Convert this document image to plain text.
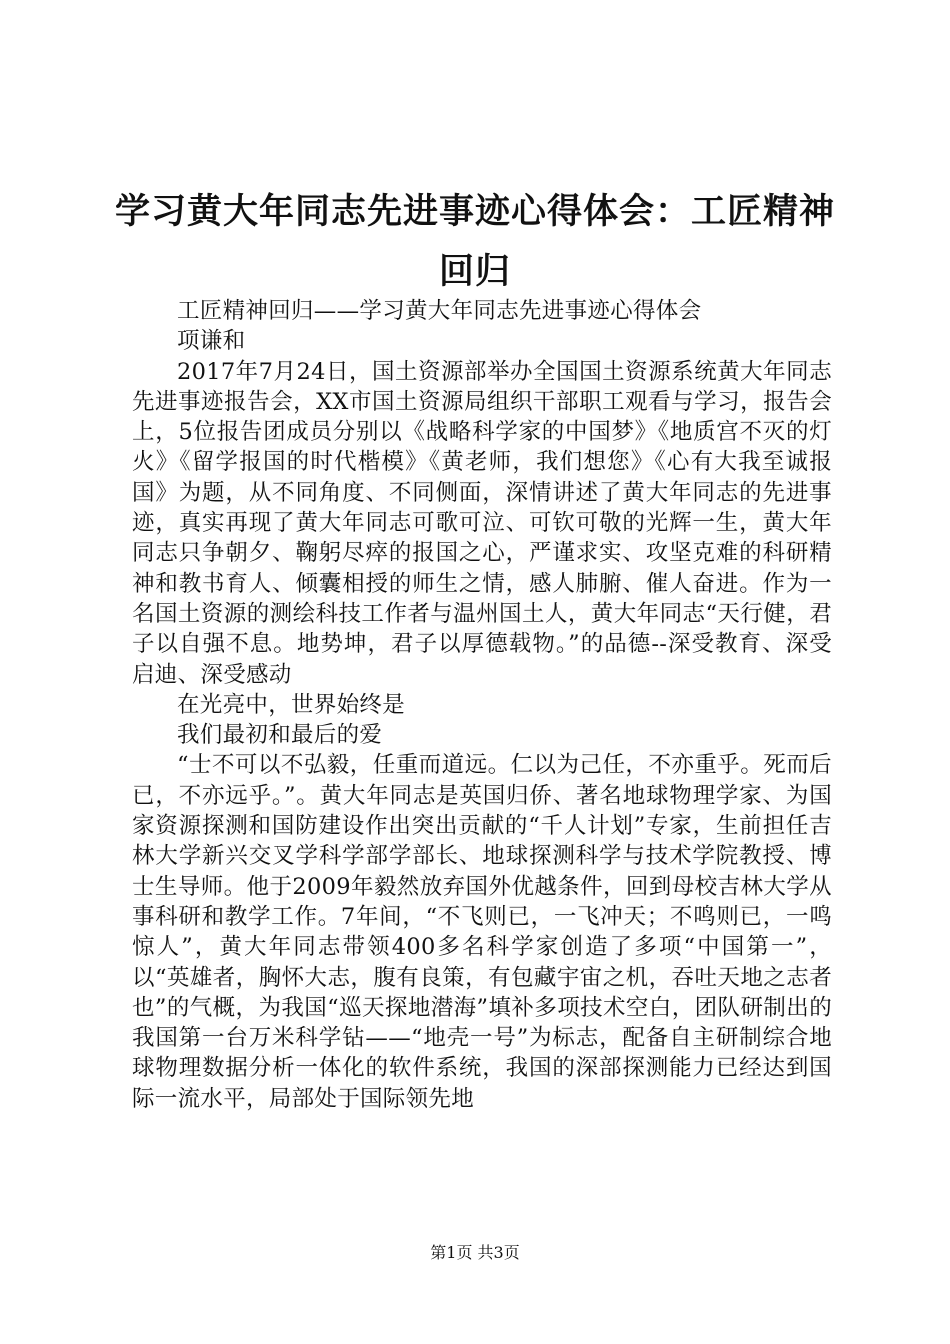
学习黄大年同志先进事迹心得体会：工匠精神回归

工匠精神回归——学习黄大年同志先进事迹心得体会

项谦和

2017年7月24日，国土资源部举办全国国土资源系统黄大年同志先进事迹报告会，XX市国土资源局组织干部职工观看与学习，报告会上，5位报告团成员分别以《战略科学家的中国梦》《地质宫不灭的灯火》《留学报国的时代楷模》《黄老师，我们想您》《心有大我至诚报国》为题，从不同角度、不同侧面，深情讲述了黄大年同志的先进事迹，真实再现了黄大年同志可歌可泣、可钦可敬的光辉一生，黄大年同志只争朝夕、鞠躬尽瘁的报国之心，严谨求实、攻坚克难的科研精神和教书育人、倾囊相授的师生之情，感人肺腑、催人奋进。作为一名国土资源的测绘科技工作者与温州国土人，黄大年同志“天行健，君子以自强不息。地势坤，君子以厚德载物。”的品德--深受教育、深受启迪、深受感动

在光亮中，世界始终是

我们最初和最后的爱

“士不可以不弘毅，任重而道远。仁以为己任，不亦重乎。死而后已，不亦远乎。”。黄大年同志是英国归侨、著名地球物理学家、为国家资源探测和国防建设作出突出贡献的“千人计划”专家，生前担任吉林大学新兴交叉学科学部学部长、地球探测科学与技术学院教授、博士生导师。他于2009年毅然放弃国外优越条件，回到母校吉林大学从事科研和教学工作。7年间，“不飞则已，一飞冲天；不鸣则已，一鸣惊人”，黄大年同志带领400多名科学家创造了多项“中国第一”，以“英雄者，胸怀大志，腹有良策，有包藏宇宙之机，吞吐天地之志者也”的气概，为我国“巡天探地潜海”填补多项技术空白，团队研制出的我国第一台万米科学钻——“地壳一号”为标志，配备自主研制综合地球物理数据分析一体化的软件系统，我国的深部探测能力已经达到国际一流水平，局部处于国际领先地

第1页 共3页
